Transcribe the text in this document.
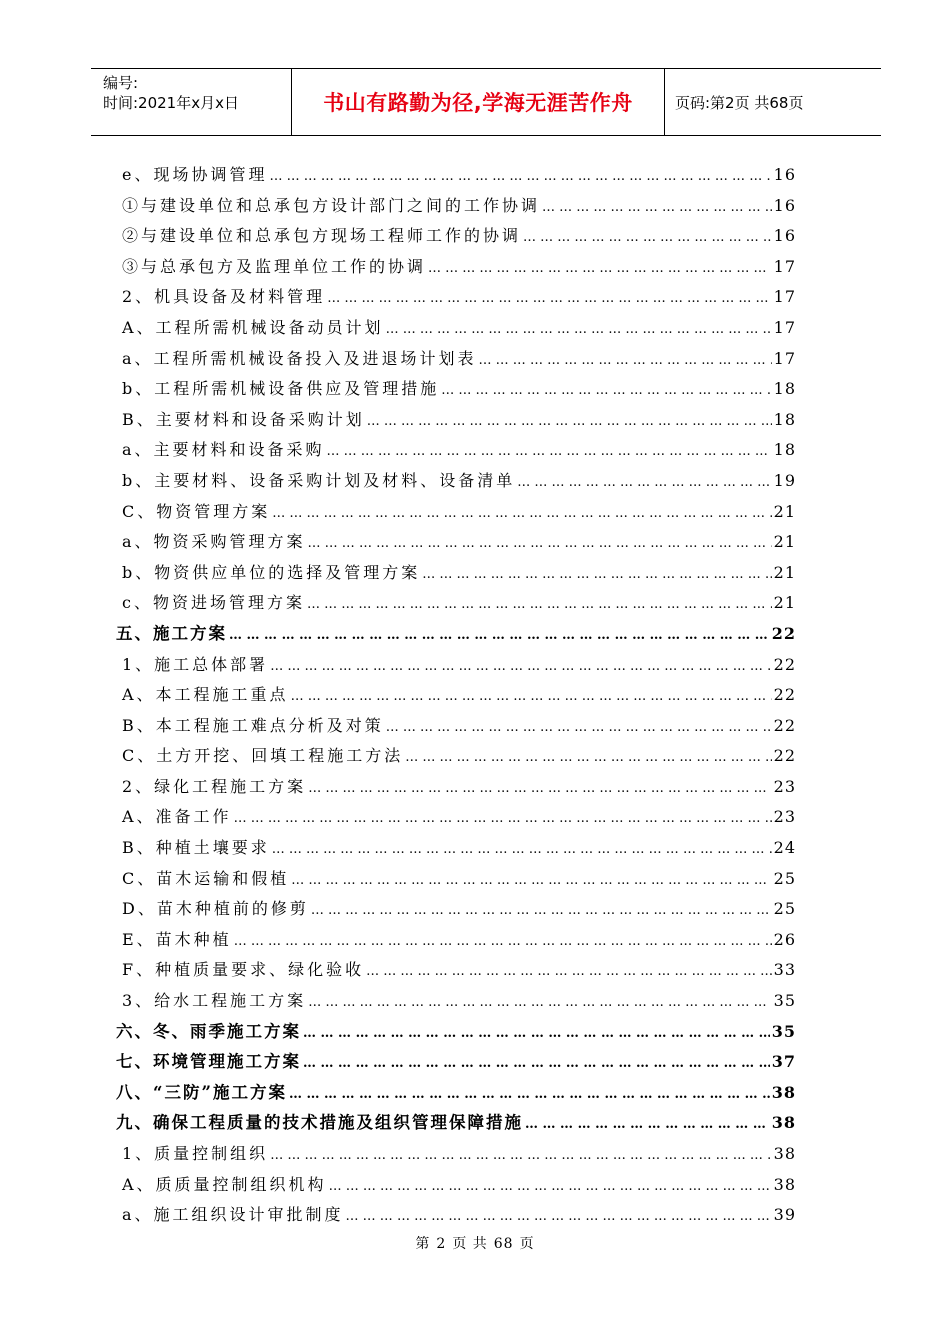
编号:
时间:2021年x月x日	书山有路勤为径,学海无涯苦作舟	页码:第2页 共68页
e、现场协调管理 … … … … … … … … … … … … … … … … … … … … … … … … … … … … … … … … … … … … … … … … … … … … … … … … … … … … … … … … … … … … … … … … … …	16
①与建设单位和总承包方设计部门之间的工作协调 … … … … … … … … … … … … … … … … … … … … … … … … … … … … … … … … … … … … … … … … … … … … … … … … … … … … … … … … … … … … … … … … … …	16
②与建设单位和总承包方现场工程师工作的协调 … … … … … … … … … … … … … … … … … … … … … … … … … … … … … … … … … … … … … … … … … … … … … … … … … … … … … … … … … … … … … … … … … …	16
③与总承包方及监理单位工作的协调 … … … … … … … … … … … … … … … … … … … … … … … … … … … … … … … … … … … … … … … … … … … … … … … … … … … … … … … … … … … … … … … … … …	17
2、机具设备及材料管理 … … … … … … … … … … … … … … … … … … … … … … … … … … … … … … … … … … … … … … … … … … … … … … … … … … … … … … … … … … … … … … … … … …	17
A、工程所需机械设备动员计划 … … … … … … … … … … … … … … … … … … … … … … … … … … … … … … … … … … … … … … … … … … … … … … … … … … … … … … … … … … … … … … … … … …	17
a、工程所需机械设备投入及进退场计划表 … … … … … … … … … … … … … … … … … … … … … … … … … … … … … … … … … … … … … … … … … … … … … … … … … … … … … … … … … … … … … … … … … …	17
b、工程所需机械设备供应及管理措施 … … … … … … … … … … … … … … … … … … … … … … … … … … … … … … … … … … … … … … … … … … … … … … … … … … … … … … … … … … … … … … … … … …	18
B、主要材料和设备采购计划 … … … … … … … … … … … … … … … … … … … … … … … … … … … … … … … … … … … … … … … … … … … … … … … … … … … … … … … … … … … … … … … … … …	18
a、主要材料和设备采购 … … … … … … … … … … … … … … … … … … … … … … … … … … … … … … … … … … … … … … … … … … … … … … … … … … … … … … … … … … … … … … … … … …	18
b、主要材料、设备采购计划及材料、设备清单 … … … … … … … … … … … … … … … … … … … … … … … … … … … … … … … … … … … … … … … … … … … … … … … … … … … … … … … … … … … … … … … … … …	19
C、物资管理方案 … … … … … … … … … … … … … … … … … … … … … … … … … … … … … … … … … … … … … … … … … … … … … … … … … … … … … … … … … … … … … … … … … …	21
a、物资采购管理方案 … … … … … … … … … … … … … … … … … … … … … … … … … … … … … … … … … … … … … … … … … … … … … … … … … … … … … … … … … … … … … … … … … …	21
b、物资供应单位的选择及管理方案 … … … … … … … … … … … … … … … … … … … … … … … … … … … … … … … … … … … … … … … … … … … … … … … … … … … … … … … … … … … … … … … … … …	21
c、物资进场管理方案 … … … … … … … … … … … … … … … … … … … … … … … … … … … … … … … … … … … … … … … … … … … … … … … … … … … … … … … … … … … … … … … … … …	21
五、施工方案 … … … … … … … … … … … … … … … … … … … … … … … … … … … … … … … … … … … … … … … … … … … … … … … … … … … … … … … … … … … … … … … … … …	22
1、施工总体部署 … … … … … … … … … … … … … … … … … … … … … … … … … … … … … … … … … … … … … … … … … … … … … … … … … … … … … … … … … … … … … … … … … …	22
A、本工程施工重点 … … … … … … … … … … … … … … … … … … … … … … … … … … … … … … … … … … … … … … … … … … … … … … … … … … … … … … … … … … … … … … … … … …	22
B、本工程施工难点分析及对策 … … … … … … … … … … … … … … … … … … … … … … … … … … … … … … … … … … … … … … … … … … … … … … … … … … … … … … … … … … … … … … … … … …	22
C、土方开挖、回填工程施工方法 … … … … … … … … … … … … … … … … … … … … … … … … … … … … … … … … … … … … … … … … … … … … … … … … … … … … … … … … … … … … … … … … … …	22
2、绿化工程施工方案 … … … … … … … … … … … … … … … … … … … … … … … … … … … … … … … … … … … … … … … … … … … … … … … … … … … … … … … … … … … … … … … … … …	23
A、准备工作 … … … … … … … … … … … … … … … … … … … … … … … … … … … … … … … … … … … … … … … … … … … … … … … … … … … … … … … … … … … … … … … … … …	23
B、种植土壤要求 … … … … … … … … … … … … … … … … … … … … … … … … … … … … … … … … … … … … … … … … … … … … … … … … … … … … … … … … … … … … … … … … … …	24
C、苗木运输和假植 … … … … … … … … … … … … … … … … … … … … … … … … … … … … … … … … … … … … … … … … … … … … … … … … … … … … … … … … … … … … … … … … … …	25
D、苗木种植前的修剪 … … … … … … … … … … … … … … … … … … … … … … … … … … … … … … … … … … … … … … … … … … … … … … … … … … … … … … … … … … … … … … … … … …	25
E、苗木种植 … … … … … … … … … … … … … … … … … … … … … … … … … … … … … … … … … … … … … … … … … … … … … … … … … … … … … … … … … … … … … … … … … …	26
F、种植质量要求、绿化验收 … … … … … … … … … … … … … … … … … … … … … … … … … … … … … … … … … … … … … … … … … … … … … … … … … … … … … … … … … … … … … … … … … …	33
3、给水工程施工方案 … … … … … … … … … … … … … … … … … … … … … … … … … … … … … … … … … … … … … … … … … … … … … … … … … … … … … … … … … … … … … … … … … …	35
六、冬、雨季施工方案 … … … … … … … … … … … … … … … … … … … … … … … … … … … … … … … … … … … … … … … … … … … … … … … … … … … … … … … … … … … … … … … … … …	35
七、环境管理施工方案 … … … … … … … … … … … … … … … … … … … … … … … … … … … … … … … … … … … … … … … … … … … … … … … … … … … … … … … … … … … … … … … … … …	37
八、“三防”施工方案 … … … … … … … … … … … … … … … … … … … … … … … … … … … … … … … … … … … … … … … … … … … … … … … … … … … … … … … … … … … … … … … … … …	38
九、确保工程质量的技术措施及组织管理保障措施 … … … … … … … … … … … … … … … … … … … … … … … … … … … … … … … … … … … … … … … … … … … … … … … … … … … … … … … … … … … … … … … … … …	38
1、质量控制组织 … … … … … … … … … … … … … … … … … … … … … … … … … … … … … … … … … … … … … … … … … … … … … … … … … … … … … … … … … … … … … … … … … …	38
A、质质量控制组织机构 … … … … … … … … … … … … … … … … … … … … … … … … … … … … … … … … … … … … … … … … … … … … … … … … … … … … … … … … … … … … … … … … … …	38
a、施工组织设计审批制度 … … … … … … … … … … … … … … … … … … … … … … … … … … … … … … … … … … … … … … … … … … … … … … … … … … … … … … … … … … … … … … … … … …	39
第 2 页 共 68 页
